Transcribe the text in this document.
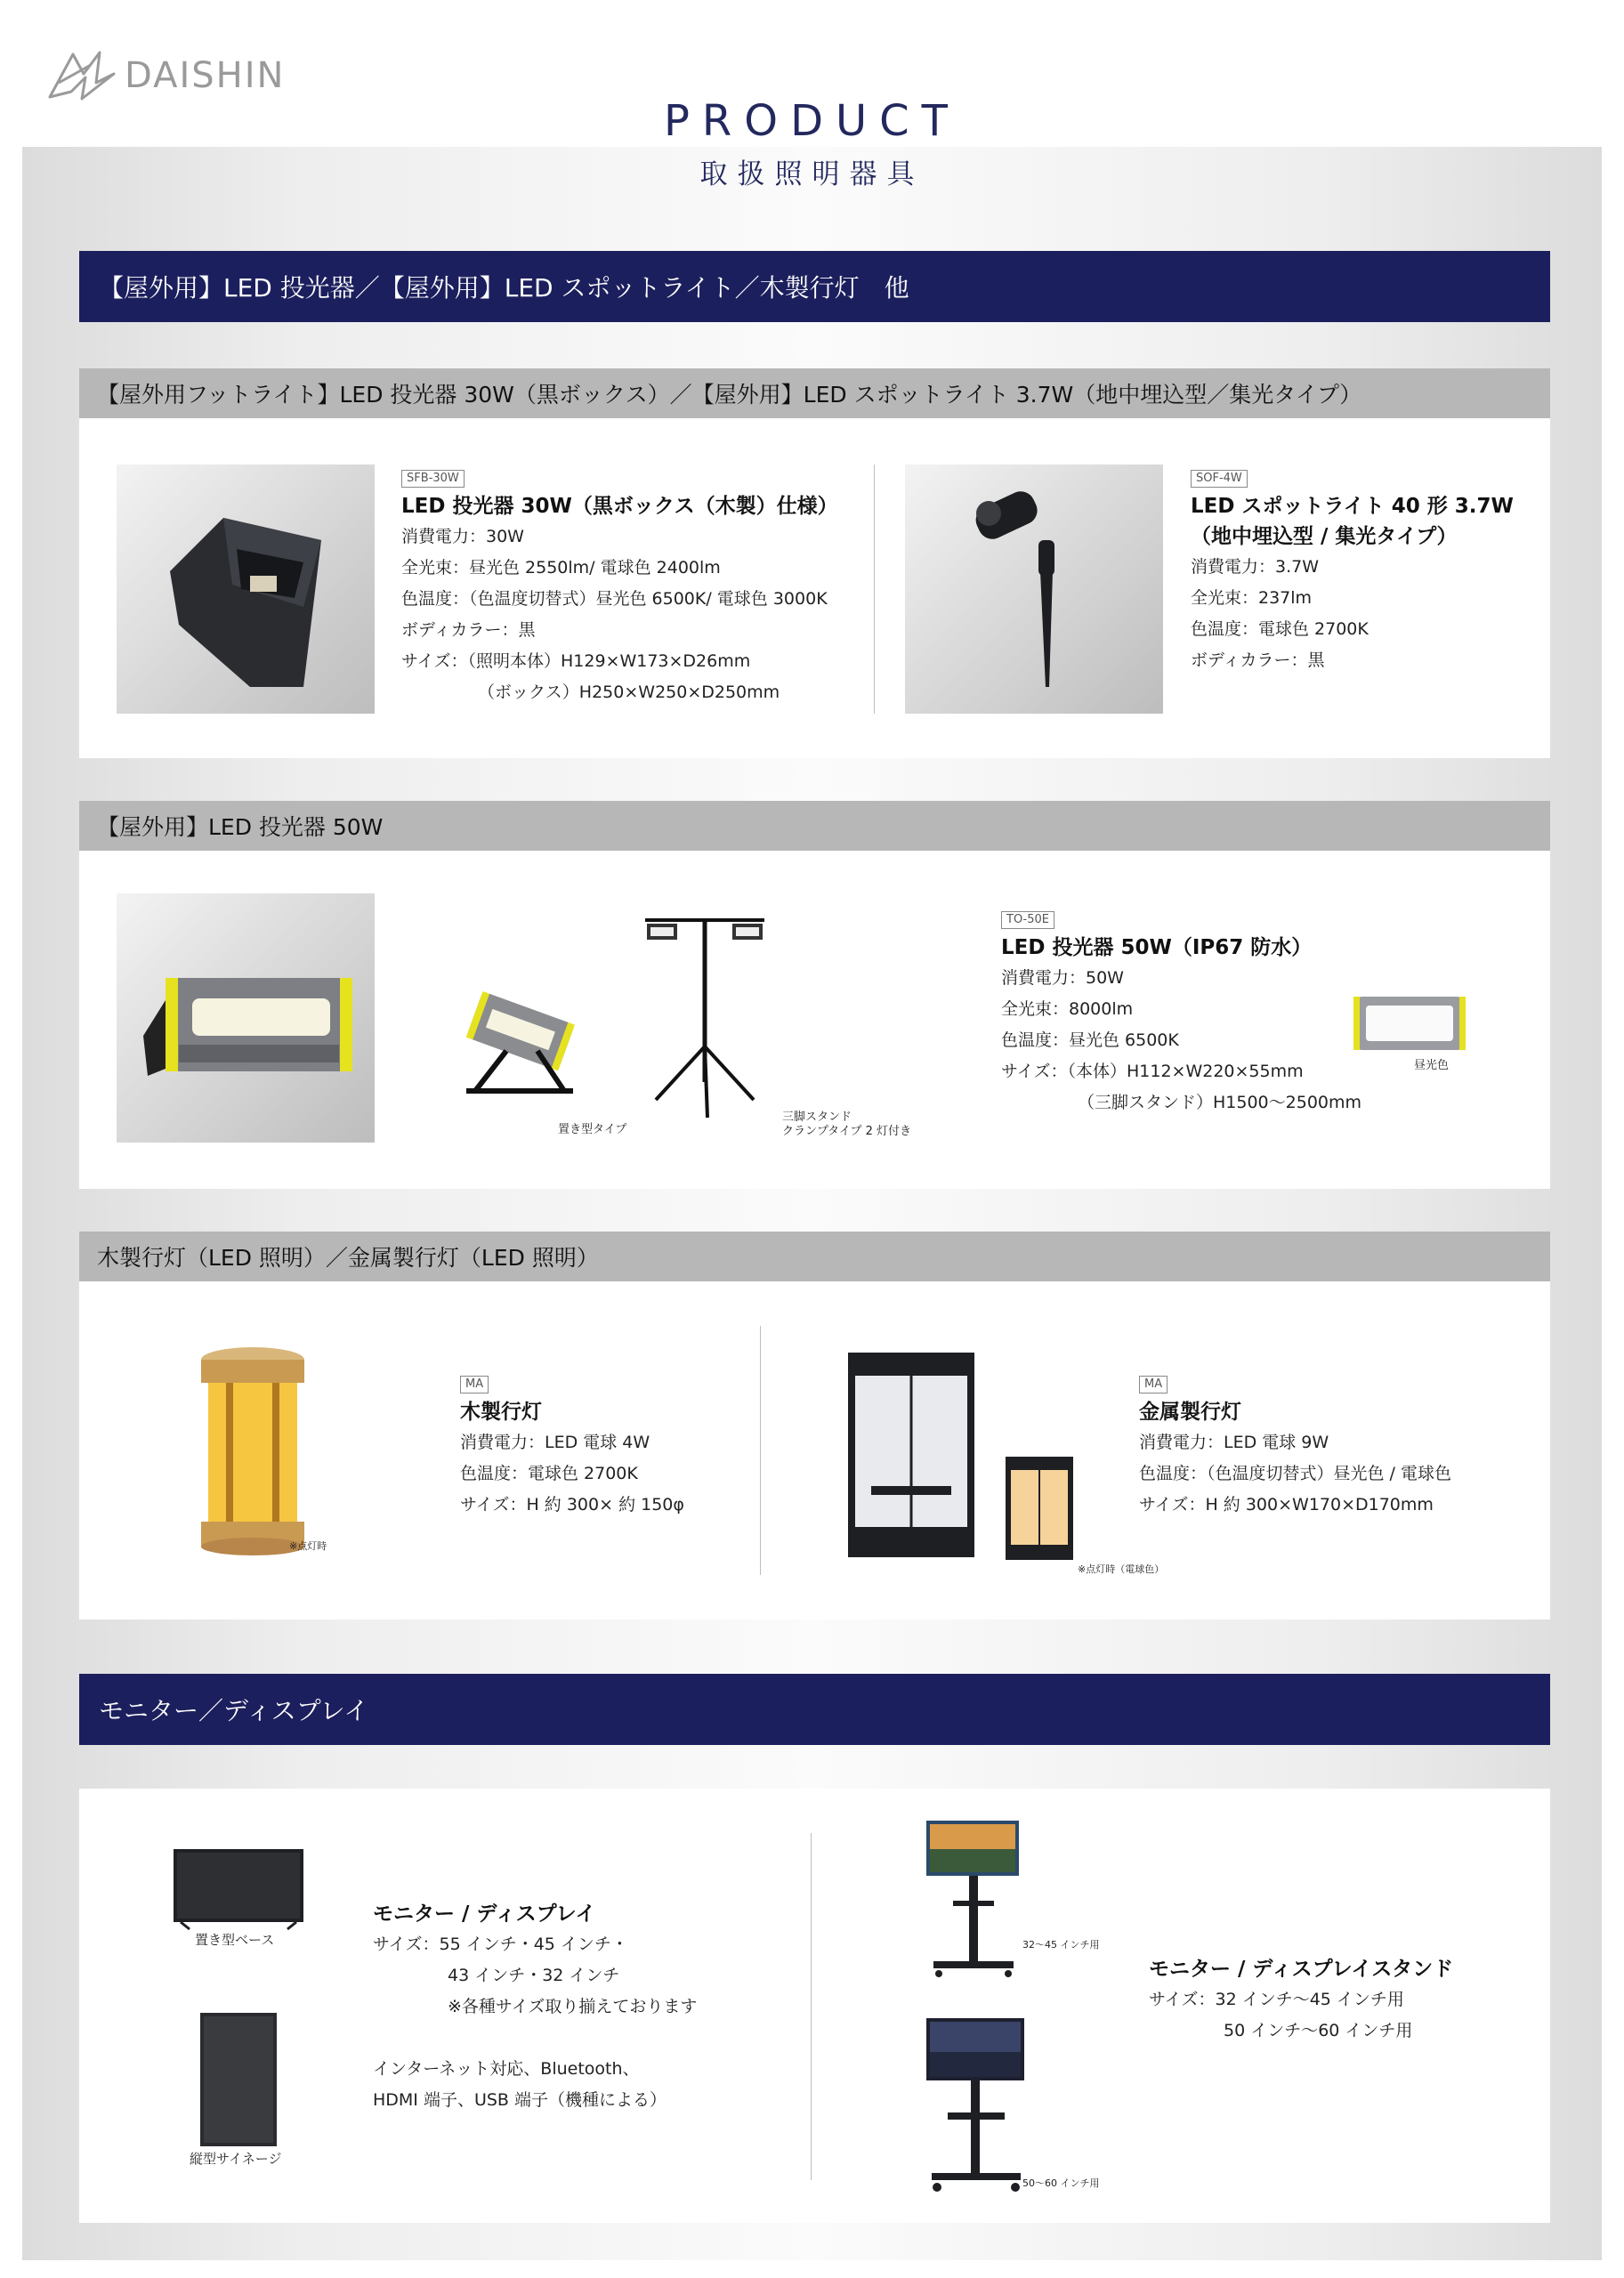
DAISHIN
PRODUCT
取扱照明器具
【屋外用】LED 投光器／【屋外用】LED スポットライト／木製行灯　他
【屋外用フットライト】LED 投光器 30W（黒ボックス）／【屋外用】LED スポットライト 3.7W（地中埋込型／集光タイプ）
SFB-30W
LED 投光器 30W（黒ボックス（木製）仕様）
消費電力：30W
全光束：昼光色 2550lm/ 電球色 2400lm
色温度：（色温度切替式）昼光色 6500K/ 電球色 3000K
ボディカラー：黒
サイズ：（照明本体）H129×W173×D26mm
（ボックス）H250×W250×D250mm
SOF-4W
LED スポットライト 40 形 3.7W
（地中埋込型 / 集光タイプ）
消費電力：3.7W
全光束：237lm
色温度：電球色 2700K
ボディカラー：黒
【屋外用】LED 投光器 50W
置き型タイプ
三脚スタンド
クランプタイプ 2 灯付き
TO-50E
LED 投光器 50W（IP67 防水）
消費電力：50W
全光束：8000lm
色温度：昼光色 6500K
サイズ：（本体）H112×W220×55mm
（三脚スタンド）H1500〜2500mm
昼光色
木製行灯（LED 照明）／金属製行灯（LED 照明）
※点灯時
MA
木製行灯
消費電力：LED 電球 4W
色温度：電球色 2700K
サイズ：H 約 300× 約 150φ
※点灯時（電球色）
MA
金属製行灯
消費電力：LED 電球 9W
色温度：（色温度切替式）昼光色 / 電球色
サイズ：H 約 300×W170×D170mm
モニター／ディスプレイ
置き型ベース
縦型サイネージ
モニター / ディスプレイ
サイズ：55 インチ・45 インチ・
43 インチ・32 インチ
※各種サイズ取り揃えております
インターネット対応、Bluetooth、
HDMI 端子、USB 端子（機種による）
32〜45 インチ用
50〜60 インチ用
モニター / ディスプレイスタンド
サイズ：32 インチ〜45 インチ用
50 インチ〜60 インチ用
